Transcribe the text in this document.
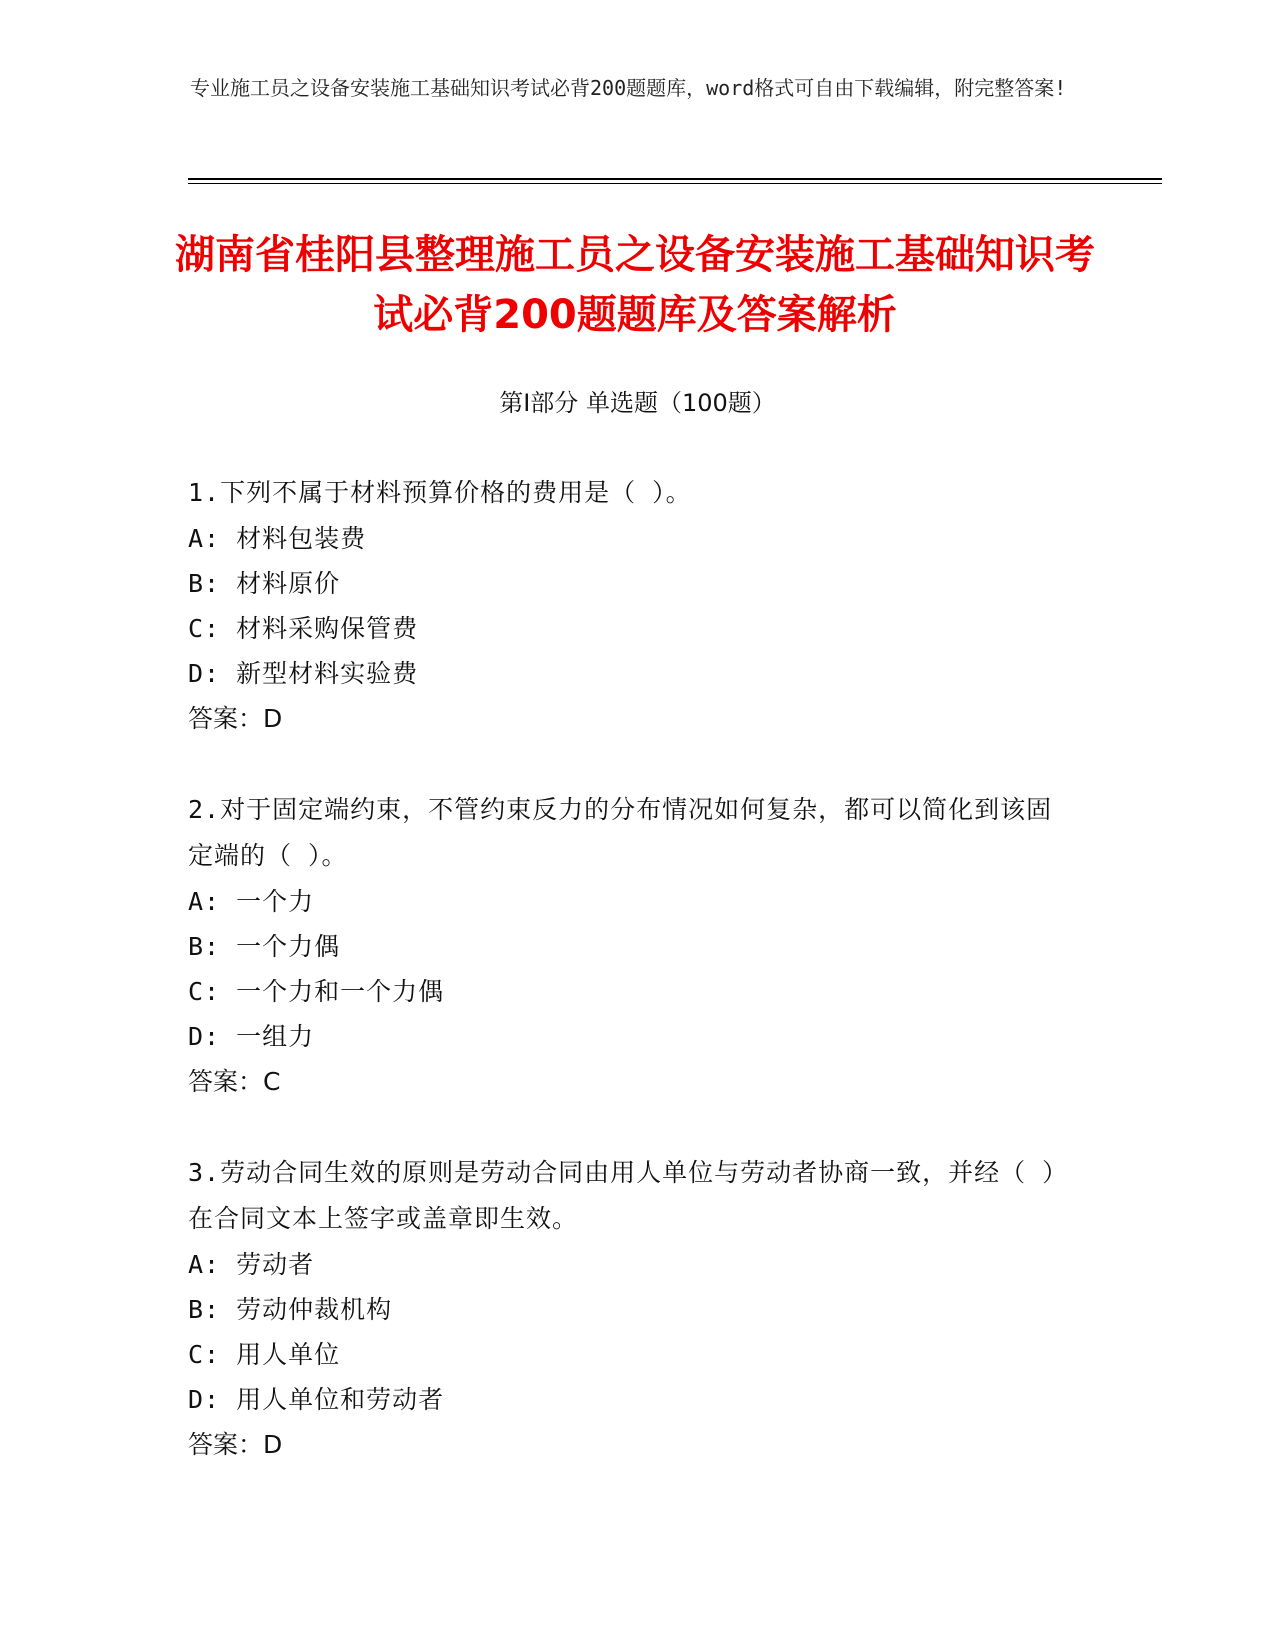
专业施工员之设备安装施工基础知识考试必背200题题库，word格式可自由下载编辑，附完整答案!
湖南省桂阳县整理施工员之设备安装施工基础知识考试必背200题题库及答案解析
第Ⅰ部分 单选题（100题）
1.下列不属于材料预算价格的费用是（ ）。
A: 材料包装费
B: 材料原价
C: 材料采购保管费
D: 新型材料实验费
答案：D
2.对于固定端约束，不管约束反力的分布情况如何复杂，都可以简化到该固定端的（ ）。
A: 一个力
B: 一个力偶
C: 一个力和一个力偶
D: 一组力
答案：C
3.劳动合同生效的原则是劳动合同由用人单位与劳动者协商一致，并经（ ）在合同文本上签字或盖章即生效。
A: 劳动者
B: 劳动仲裁机构
C: 用人单位
D: 用人单位和劳动者
答案：D
